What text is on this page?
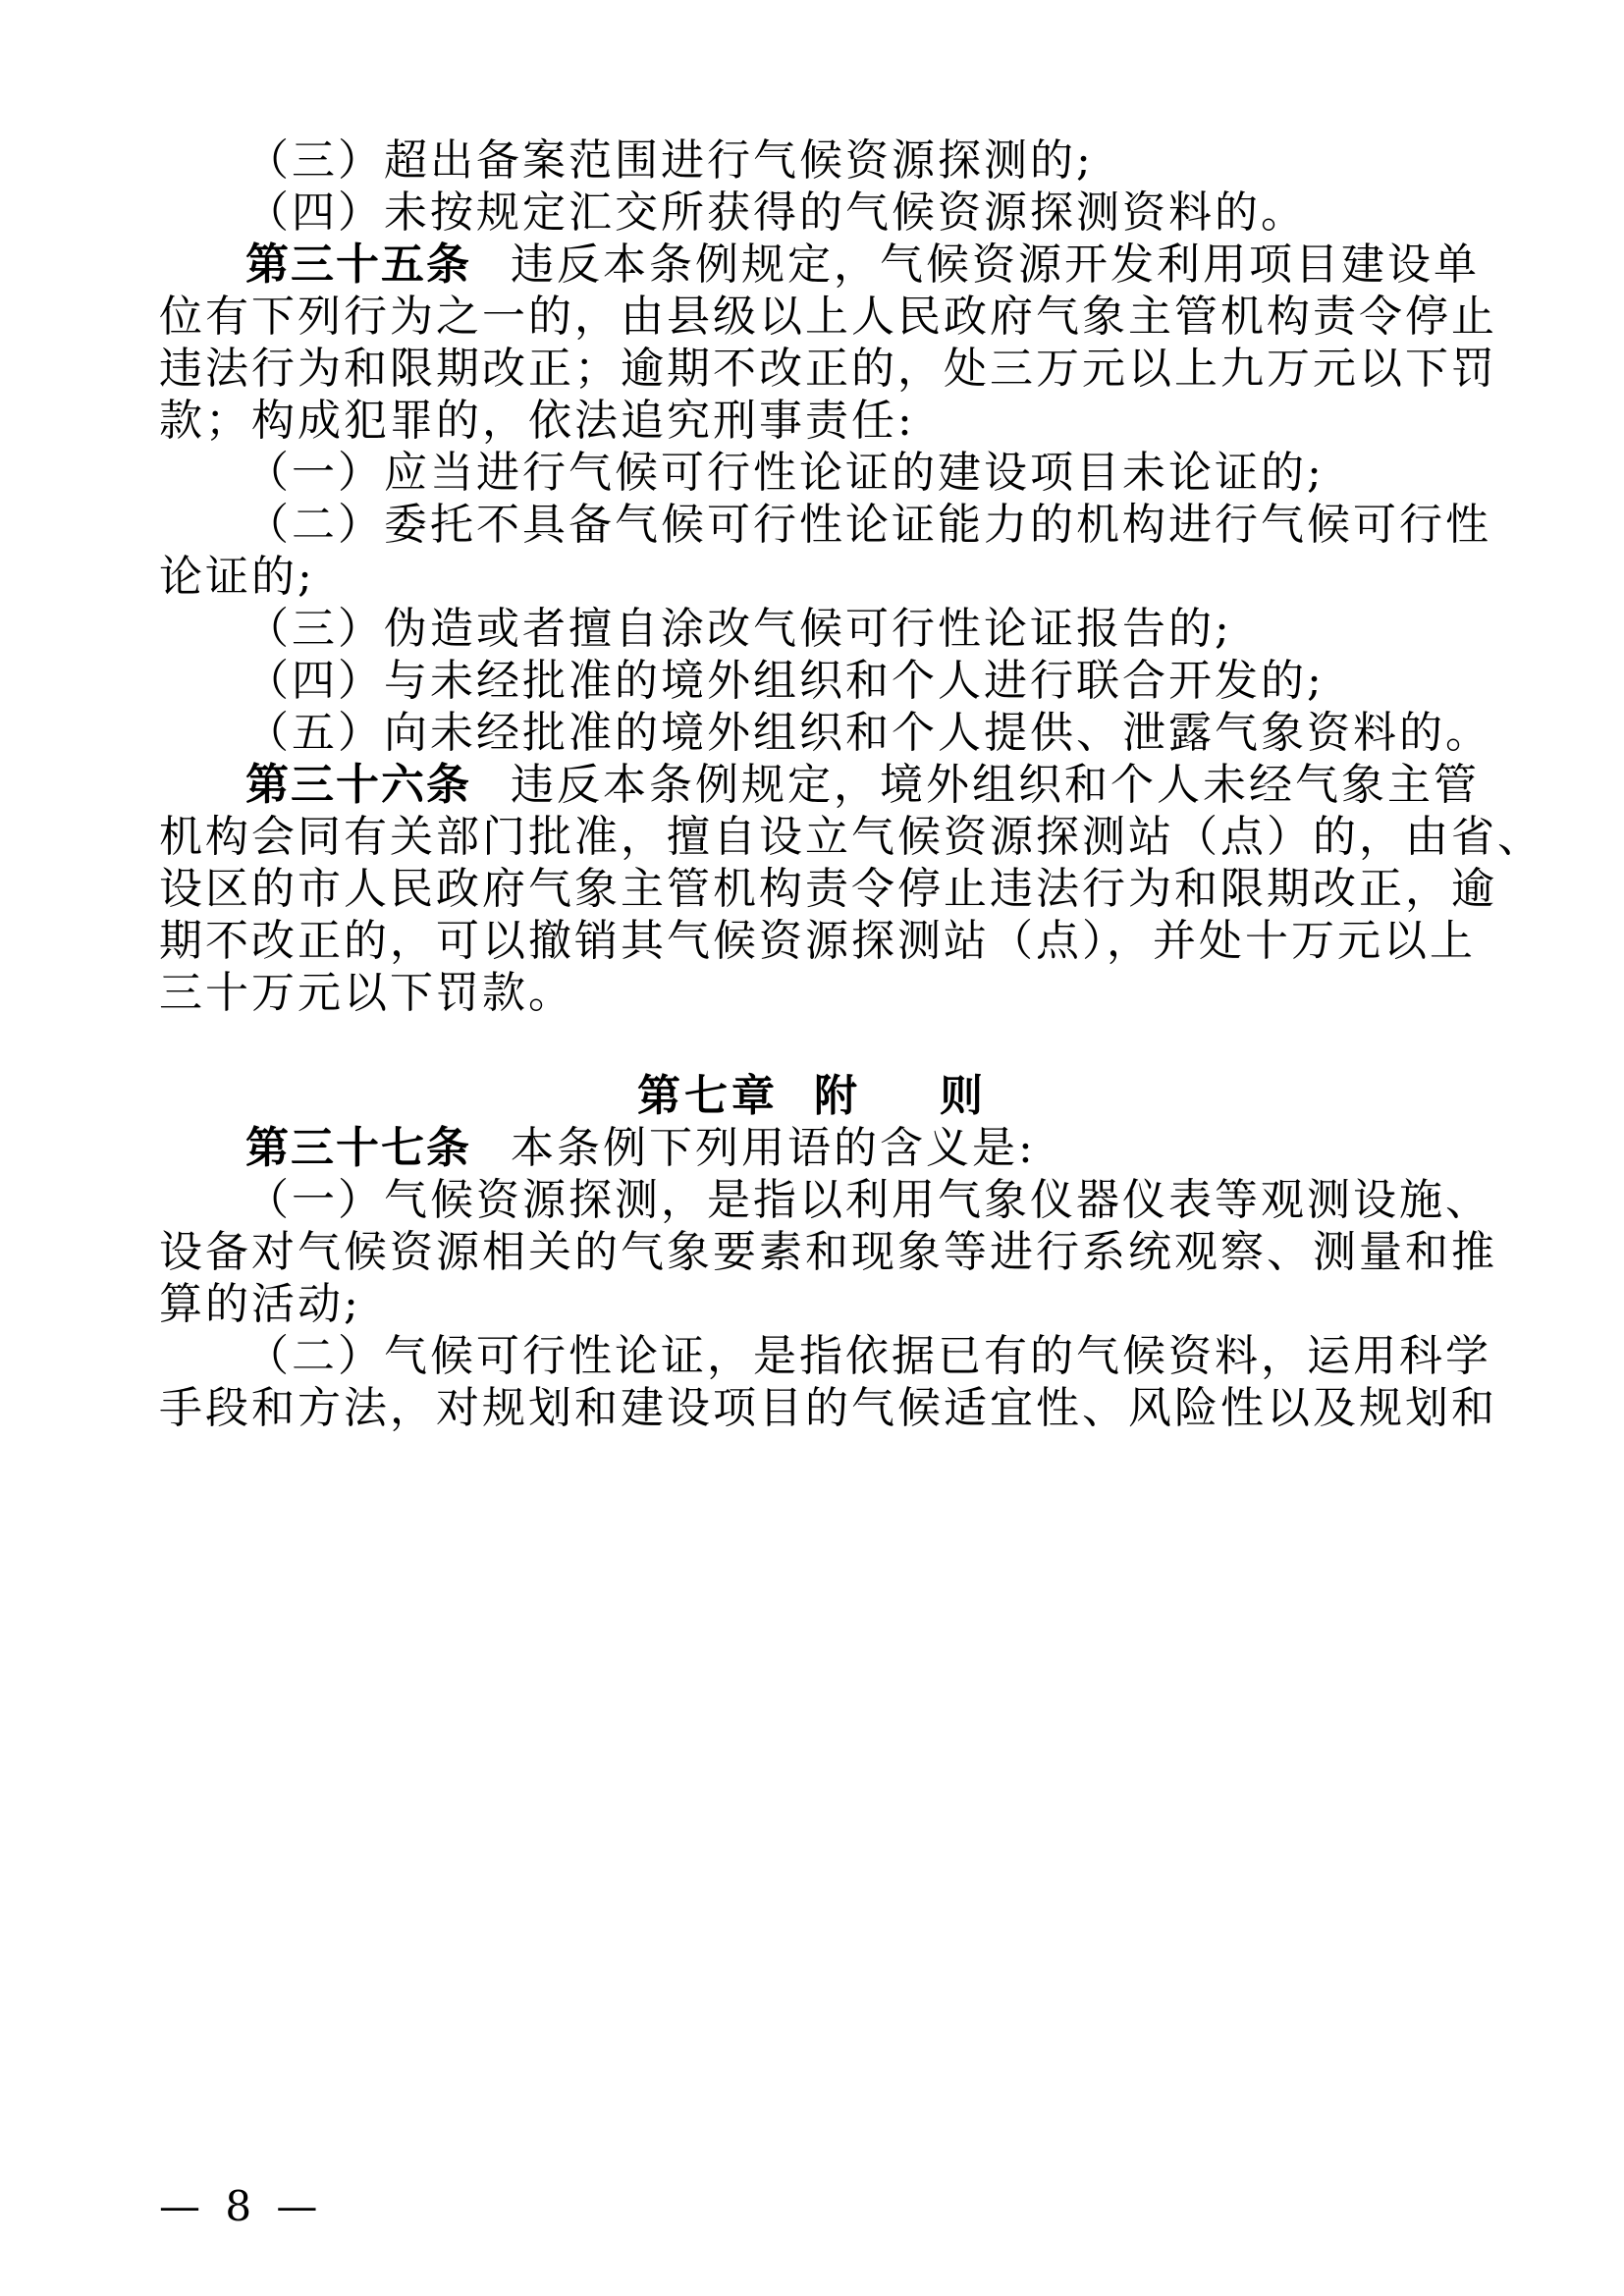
（三）超出备案范围进行气候资源探测的;
（四）未按规定汇交所获得的气候资源探测资料的。
第三十五条 违反本条例规定，气候资源开发利用项目建设单
位有下列行为之一的，由县级以上人民政府气象主管机构责令停止
违法行为和限期改正；逾期不改正的，处三万元以上九万元以下罚
款；构成犯罪的，依法追究刑事责任:
（一）应当进行气候可行性论证的建设项目未论证的;
（二）委托不具备气候可行性论证能力的机构进行气候可行性
论证的;
（三）伪造或者擅自涂改气候可行性论证报告的;
（四）与未经批准的境外组织和个人进行联合开发的;
（五）向未经批准的境外组织和个人提供、泄露气象资料的。
第三十六条 违反本条例规定，境外组织和个人未经气象主管
机构会同有关部门批准，擅自设立气候资源探测站（点）的，由省、
设区的市人民政府气象主管机构责令停止违法行为和限期改正，逾
期不改正的，可以撤销其气候资源探测站（点），并处十万元以上
三十万元以下罚款。
第七章 附 则
第三十七条 本条例下列用语的含义是:
（一）气候资源探测，是指以利用气象仪器仪表等观测设施、
设备对气候资源相关的气象要素和现象等进行系统观察、测量和推
算的活动;
（二）气候可行性论证，是指依据已有的气候资料，运用科学
手段和方法，对规划和建设项目的气候适宜性、风险性以及规划和
— 8 —
